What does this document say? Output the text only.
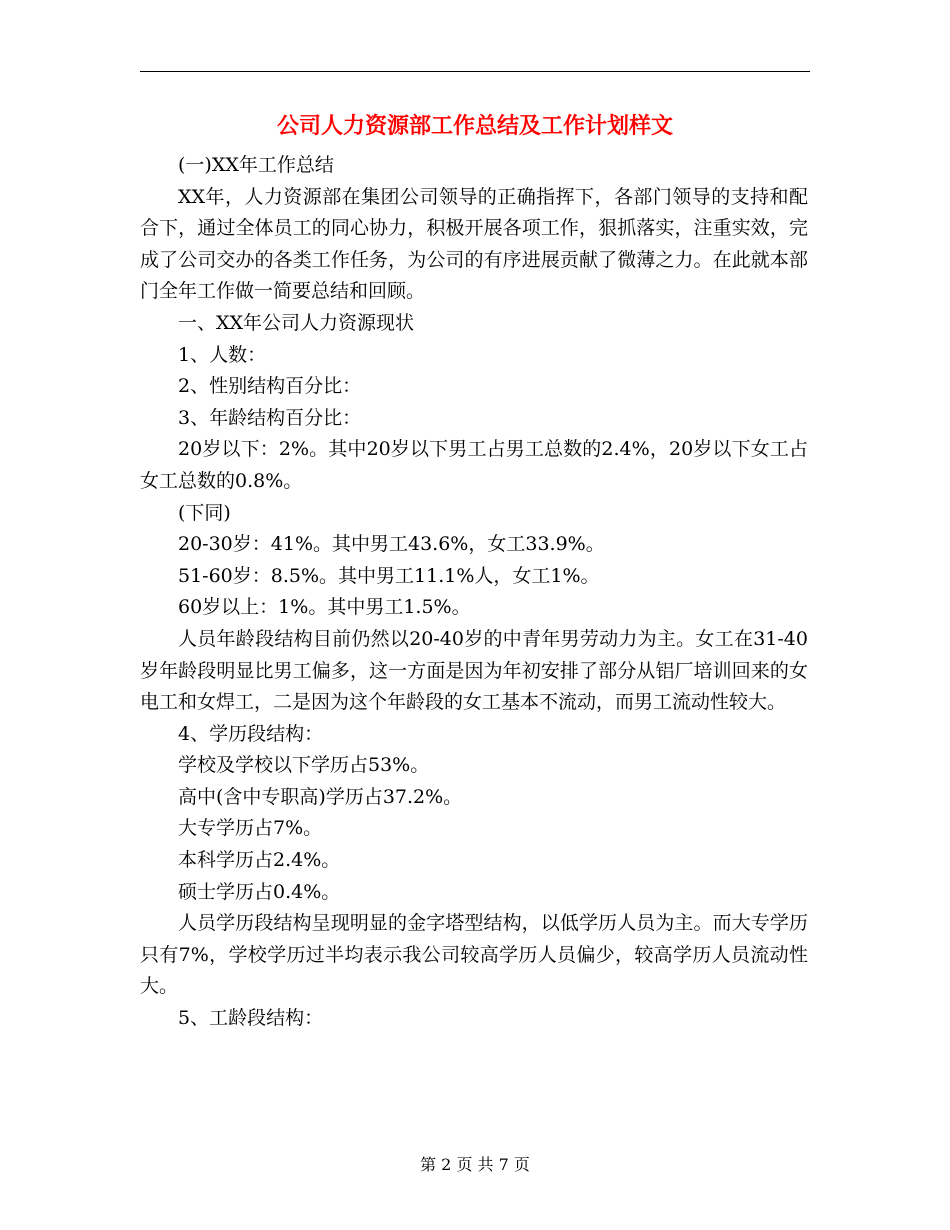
公司人力资源部工作总结及工作计划样文

(一)XX年工作总结

XX年，人力资源部在集团公司领导的正确指挥下，各部门领导的支持和配合下，通过全体员工的同心协力，积极开展各项工作，狠抓落实，注重实效，完成了公司交办的各类工作任务，为公司的有序进展贡献了微薄之力。在此就本部门全年工作做一简要总结和回顾。

一、XX年公司人力资源现状

1、人数：

2、性别结构百分比：

3、年龄结构百分比：

20岁以下：2%。其中20岁以下男工占男工总数的2.4%，20岁以下女工占女工总数的0.8%。

(下同)

20-30岁：41%。其中男工43.6%，女工33.9%。

51-60岁：8.5%。其中男工11.1%人，女工1%。

60岁以上：1%。其中男工1.5%。

人员年龄段结构目前仍然以20-40岁的中青年男劳动力为主。女工在31-40岁年龄段明显比男工偏多，这一方面是因为年初安排了部分从铝厂培训回来的女电工和女焊工，二是因为这个年龄段的女工基本不流动，而男工流动性较大。

4、学历段结构：

学校及学校以下学历占53%。

高中(含中专职高)学历占37.2%。

大专学历占7%。

本科学历占2.4%。

硕士学历占0.4%。

人员学历段结构呈现明显的金字塔型结构，以低学历人员为主。而大专学历只有7%，学校学历过半均表示我公司较高学历人员偏少，较高学历人员流动性大。

5、工龄段结构：

第 2 页 共 7 页
